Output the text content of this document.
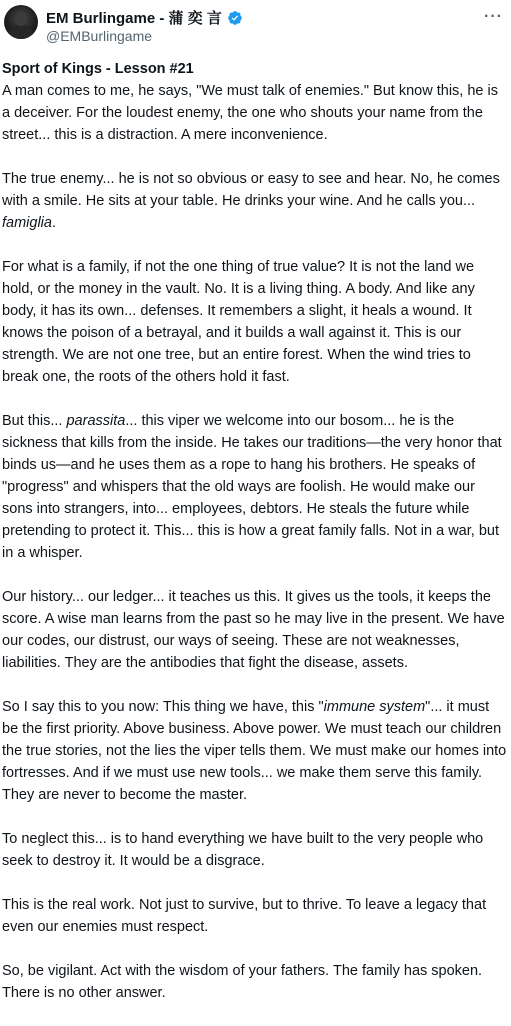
EM Burlingame - 蒲 奕 言
@EMBurlingame
···

Sport of Kings - Lesson #21
A man comes to me, he says, "We must talk of enemies." But know this, he is a deceiver. For the loudest enemy, the one who shouts your name from the street... this is a distraction. A mere inconvenience.

The true enemy... he is not so obvious or easy to see and hear. No, he comes with a smile. He sits at your table. He drinks your wine. And he calls you... famiglia.

For what is a family, if not the one thing of true value? It is not the land we hold, or the money in the vault. No. It is a living thing. A body. And like any body, it has its own... defenses. It remembers a slight, it heals a wound. It knows the poison of a betrayal, and it builds a wall against it. This is our strength. We are not one tree, but an entire forest. When the wind tries to break one, the roots of the others hold it fast.

But this... parassita... this viper we welcome into our bosom... he is the sickness that kills from the inside. He takes our traditions—the very honor that binds us—and he uses them as a rope to hang his brothers. He speaks of "progress" and whispers that the old ways are foolish. He would make our sons into strangers, into... employees, debtors. He steals the future while pretending to protect it. This... this is how a great family falls. Not in a war, but in a whisper.

Our history... our ledger... it teaches us this. It gives us the tools, it keeps the score. A wise man learns from the past so he may live in the present. We have our codes, our distrust, our ways of seeing. These are not weaknesses, liabilities. They are the antibodies that fight the disease, assets.

So I say this to you now: This thing we have, this "immune system"... it must be the first priority. Above business. Above power. We must teach our children the true stories, not the lies the viper tells them. We must make our homes into fortresses. And if we must use new tools... we make them serve this family. They are never to become the master.

To neglect this... is to hand everything we have built to the very people who seek to destroy it. It would be a disgrace.

This is the real work. Not just to survive, but to thrive. To leave a legacy that even our enemies must respect.

So, be vigilant. Act with the wisdom of your fathers. The family has spoken. There is no other answer.
